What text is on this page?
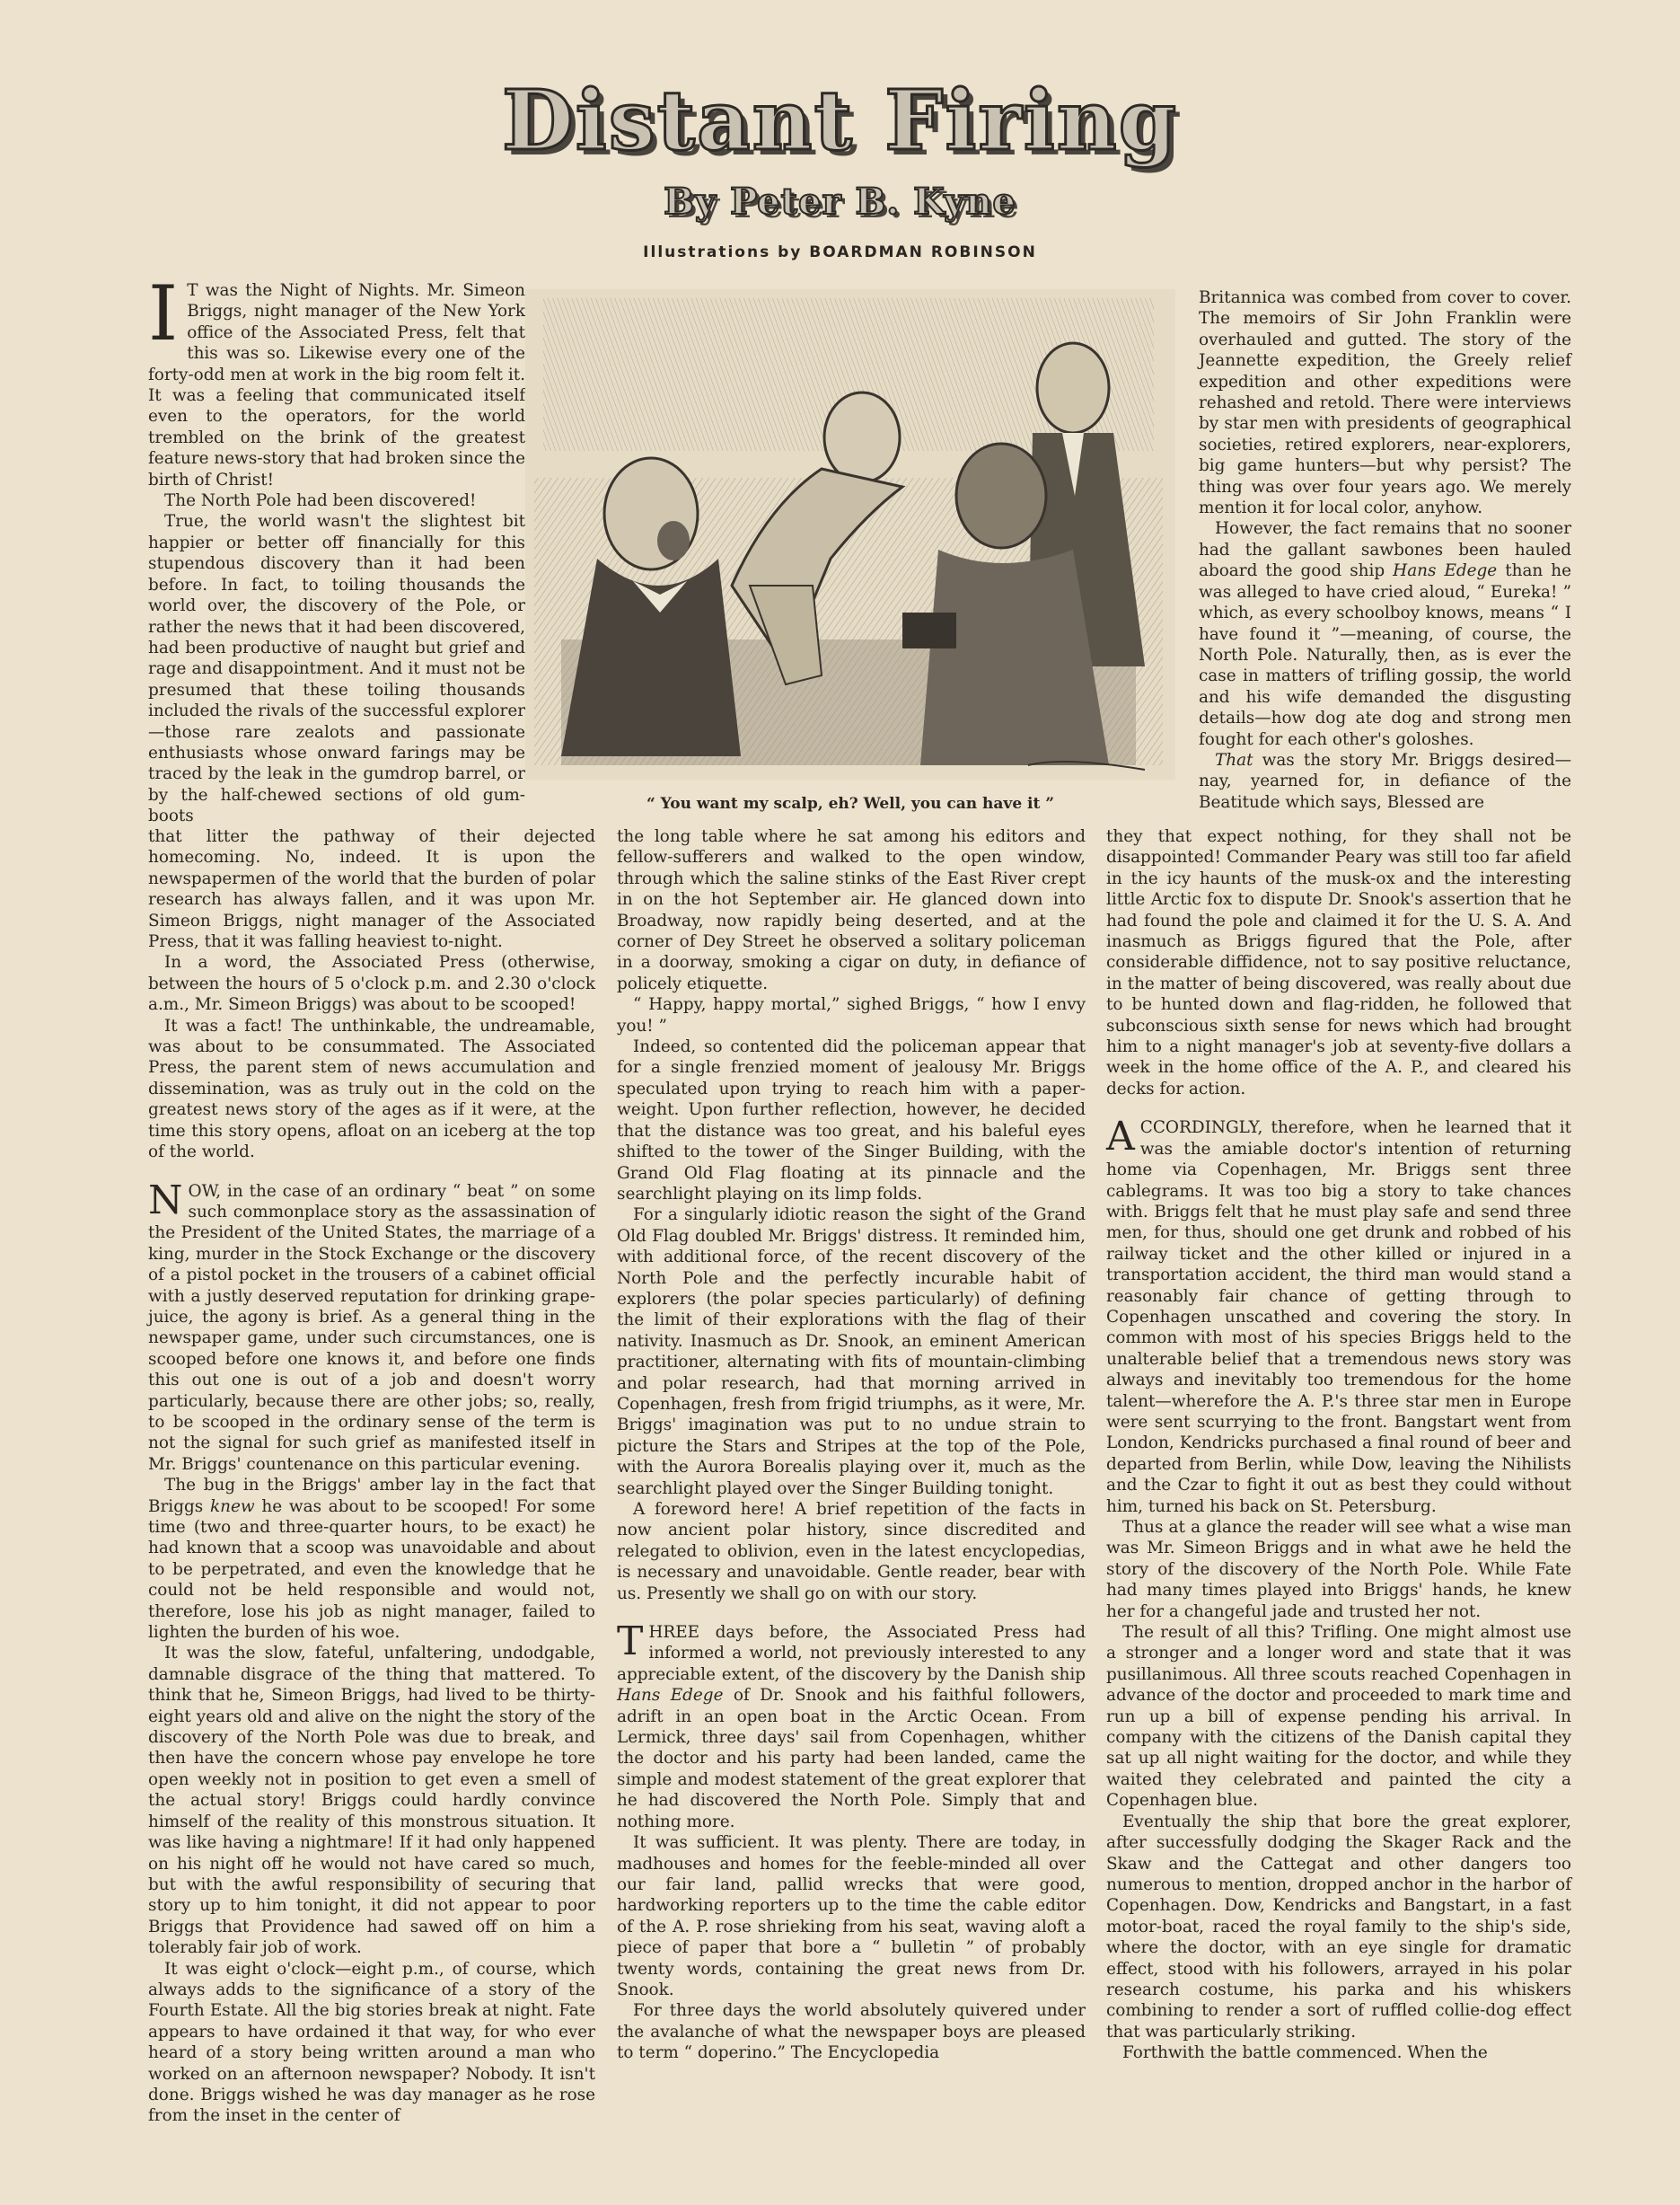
Distant Firing
By Peter B. Kyne
Illustrations by BOARDMAN ROBINSON

I T was the Night of Nights. Mr. Simeon Briggs, night manager of the New York office of the Associated Press, felt that this was so. Likewise every one of the forty-odd men at work in the big room felt it. It was a feeling that communicated itself even to the operators, for the world trembled on the brink of the greatest feature news-story that had broken since the birth of Christ!

The North Pole had been discovered!

True, the world wasn't the slightest bit happier or better off financially for this stupendous discovery than it had been before. In fact, to toiling thousands the world over, the discovery of the Pole, or rather the news that it had been discovered, had been productive of naught but grief and rage and disappointment. And it must not be presumed that these toiling thousands included the rivals of the successful explorer—those rare zealots and passionate enthusiasts whose onward farings may be traced by the leak in the gumdrop barrel, or by the half-chewed sections of old gum-boots

“ You want my scalp, eh? Well, you can have it ”

that litter the pathway of their dejected homecoming. No, indeed. It is upon the newspapermen of the world that the burden of polar research has always fallen, and it was upon Mr. Simeon Briggs, night manager of the Associated Press, that it was falling heaviest to-night.

In a word, the Associated Press (otherwise, between the hours of 5 o'clock p.m. and 2.30 o'clock a.m., Mr. Simeon Briggs) was about to be scooped!

It was a fact! The unthinkable, the undreamable, was about to be consummated. The Associated Press, the parent stem of news accumulation and dissemination, was as truly out in the cold on the greatest news story of the ages as if it were, at the time this story opens, afloat on an iceberg at the top of the world.

NOW, in the case of an ordinary “ beat ” on some such commonplace story as the assassination of the President of the United States, the marriage of a king, murder in the Stock Exchange or the discovery of a pistol pocket in the trousers of a cabinet official with a justly deserved reputation for drinking grape-juice, the agony is brief. As a general thing in the newspaper game, under such circumstances, one is scooped before one knows it, and before one finds this out one is out of a job and doesn't worry particularly, because there are other jobs; so, really, to be scooped in the ordinary sense of the term is not the signal for such grief as manifested itself in Mr. Briggs' countenance on this particular evening.

The bug in the Briggs' amber lay in the fact that Briggs knew he was about to be scooped! For some time (two and three-quarter hours, to be exact) he had known that a scoop was unavoidable and about to be perpetrated, and even the knowledge that he could not be held responsible and would not, therefore, lose his job as night manager, failed to lighten the burden of his woe.

It was the slow, fateful, unfaltering, undodgable, damnable disgrace of the thing that mattered. To think that he, Simeon Briggs, had lived to be thirty-eight years old and alive on the night the story of the discovery of the North Pole was due to break, and then have the concern whose pay envelope he tore open weekly not in position to get even a smell of the actual story! Briggs could hardly convince himself of the reality of this monstrous situation. It was like having a nightmare! If it had only happened on his night off he would not have cared so much, but with the awful responsibility of securing that story up to him tonight, it did not appear to poor Briggs that Providence had sawed off on him a tolerably fair job of work.

It was eight o'clock—eight p.m., of course, which always adds to the significance of a story of the Fourth Estate. All the big stories break at night. Fate appears to have ordained it that way, for who ever heard of a story being written around a man who worked on an afternoon newspaper? Nobody. It isn't done. Briggs wished he was day manager as he rose from the inset in the center of

the long table where he sat among his editors and fellow-sufferers and walked to the open window, through which the saline stinks of the East River crept in on the hot September air. He glanced down into Broadway, now rapidly being deserted, and at the corner of Dey Street he observed a solitary policeman in a doorway, smoking a cigar on duty, in defiance of policely etiquette.

“ Happy, happy mortal,” sighed Briggs, “ how I envy you! ”

Indeed, so contented did the policeman appear that for a single frenzied moment of jealousy Mr. Briggs speculated upon trying to reach him with a paper-weight. Upon further reflection, however, he decided that the distance was too great, and his baleful eyes shifted to the tower of the Singer Building, with the Grand Old Flag floating at its pinnacle and the searchlight playing on its limp folds.

For a singularly idiotic reason the sight of the Grand Old Flag doubled Mr. Briggs' distress. It reminded him, with additional force, of the recent discovery of the North Pole and the perfectly incurable habit of explorers (the polar species particularly) of defining the limit of their explorations with the flag of their nativity. Inasmuch as Dr. Snook, an eminent American practitioner, alternating with fits of mountain-climbing and polar research, had that morning arrived in Copenhagen, fresh from frigid triumphs, as it were, Mr. Briggs' imagination was put to no undue strain to picture the Stars and Stripes at the top of the Pole, with the Aurora Borealis playing over it, much as the searchlight played over the Singer Building tonight.

A foreword here! A brief repetition of the facts in now ancient polar history, since discredited and relegated to oblivion, even in the latest encyclopedias, is necessary and unavoidable. Gentle reader, bear with us. Presently we shall go on with our story.

THREE days before, the Associated Press had informed a world, not previously interested to any appreciable extent, of the discovery by the Danish ship Hans Edege of Dr. Snook and his faithful followers, adrift in an open boat in the Arctic Ocean. From Lermick, three days' sail from Copenhagen, whither the doctor and his party had been landed, came the simple and modest statement of the great explorer that he had discovered the North Pole. Simply that and nothing more.

It was sufficient. It was plenty. There are today, in madhouses and homes for the feeble-minded all over our fair land, pallid wrecks that were good, hardworking reporters up to the time the cable editor of the A. P. rose shrieking from his seat, waving aloft a piece of paper that bore a “ bulletin ” of probably twenty words, containing the great news from Dr. Snook.

For three days the world absolutely quivered under the avalanche of what the newspaper boys are pleased to term “ doperino.” The Encyclopedia

Britannica was combed from cover to cover. The memoirs of Sir John Franklin were overhauled and gutted. The story of the Jeannette expedition, the Greely relief expedition and other expeditions were rehashed and retold. There were interviews by star men with presidents of geographical societies, retired explorers, near-explorers, big game hunters—but why persist? The thing was over four years ago. We merely mention it for local color, anyhow.

However, the fact remains that no sooner had the gallant sawbones been hauled aboard the good ship Hans Edege than he was alleged to have cried aloud, “ Eureka! ” which, as every schoolboy knows, means “ I have found it ”—meaning, of course, the North Pole. Naturally, then, as is ever the case in matters of trifling gossip, the world and his wife demanded the disgusting details—how dog ate dog and strong men fought for each other's goloshes.

That was the story Mr. Briggs desired—nay, yearned for, in defiance of the Beatitude which says, Blessed are

they that expect nothing, for they shall not be disappointed! Commander Peary was still too far afield in the icy haunts of the musk-ox and the interesting little Arctic fox to dispute Dr. Snook's assertion that he had found the pole and claimed it for the U. S. A. And inasmuch as Briggs figured that the Pole, after considerable diffidence, not to say positive reluctance, in the matter of being discovered, was really about due to be hunted down and flag-ridden, he followed that subconscious sixth sense for news which had brought him to a night manager's job at seventy-five dollars a week in the home office of the A. P., and cleared his decks for action.

ACCORDINGLY, therefore, when he learned that it was the amiable doctor's intention of returning home via Copenhagen, Mr. Briggs sent three cablegrams. It was too big a story to take chances with. Briggs felt that he must play safe and send three men, for thus, should one get drunk and robbed of his railway ticket and the other killed or injured in a transportation accident, the third man would stand a reasonably fair chance of getting through to Copenhagen unscathed and covering the story. In common with most of his species Briggs held to the unalterable belief that a tremendous news story was always and inevitably too tremendous for the home talent—wherefore the A. P.'s three star men in Europe were sent scurrying to the front. Bangstart went from London, Kendricks purchased a final round of beer and departed from Berlin, while Dow, leaving the Nihilists and the Czar to fight it out as best they could without him, turned his back on St. Petersburg.

Thus at a glance the reader will see what a wise man was Mr. Simeon Briggs and in what awe he held the story of the discovery of the North Pole. While Fate had many times played into Briggs' hands, he knew her for a changeful jade and trusted her not.

The result of all this? Trifling. One might almost use a stronger and a longer word and state that it was pusillanimous. All three scouts reached Copenhagen in advance of the doctor and proceeded to mark time and run up a bill of expense pending his arrival. In company with the citizens of the Danish capital they sat up all night waiting for the doctor, and while they waited they celebrated and painted the city a Copenhagen blue.

Eventually the ship that bore the great explorer, after successfully dodging the Skager Rack and the Skaw and the Cattegat and other dangers too numerous to mention, dropped anchor in the harbor of Copenhagen. Dow, Kendricks and Bangstart, in a fast motor-boat, raced the royal family to the ship's side, where the doctor, with an eye single for dramatic effect, stood with his followers, arrayed in his polar research costume, his parka and his whiskers combining to render a sort of ruffled collie-dog effect that was particularly striking.

Forthwith the battle commenced. When the
